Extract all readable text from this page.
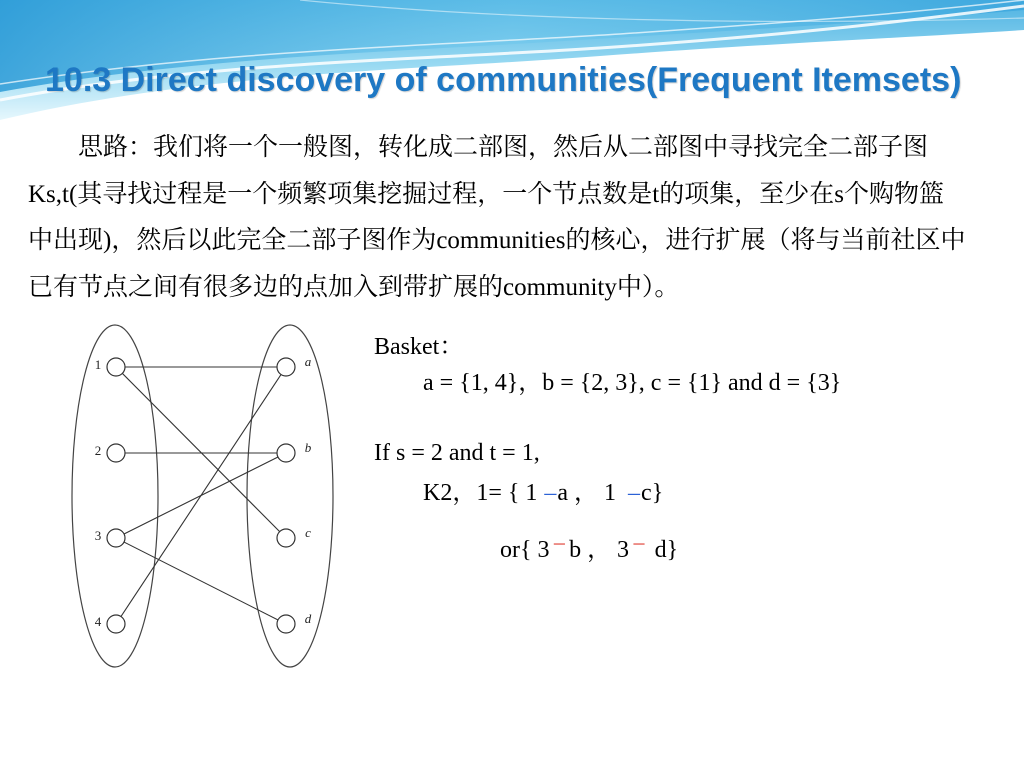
10.3 Direct discovery of communities(Frequent Itemsets)
思路：我们将一个一般图，转化成二部图，然后从二部图中寻找完全二部子图
Ks,t(其寻找过程是一个频繁项集挖掘过程，一个节点数是t的项集，至少在s个购物篮
中出现)，然后以此完全二部子图作为communities的核心，进行扩展（将与当前社区中
已有节点之间有很多边的点加入到带扩展的community中）。
1
2
3
4
a
b
c
d
Basket：
a = {1, 4}，b = {2, 3}, c = {1} and d = {3}
If s = 2 and t = 1,
K2，1= { 1 –a ， 1 –c}
or{ 3 − b ， 3 − d}
